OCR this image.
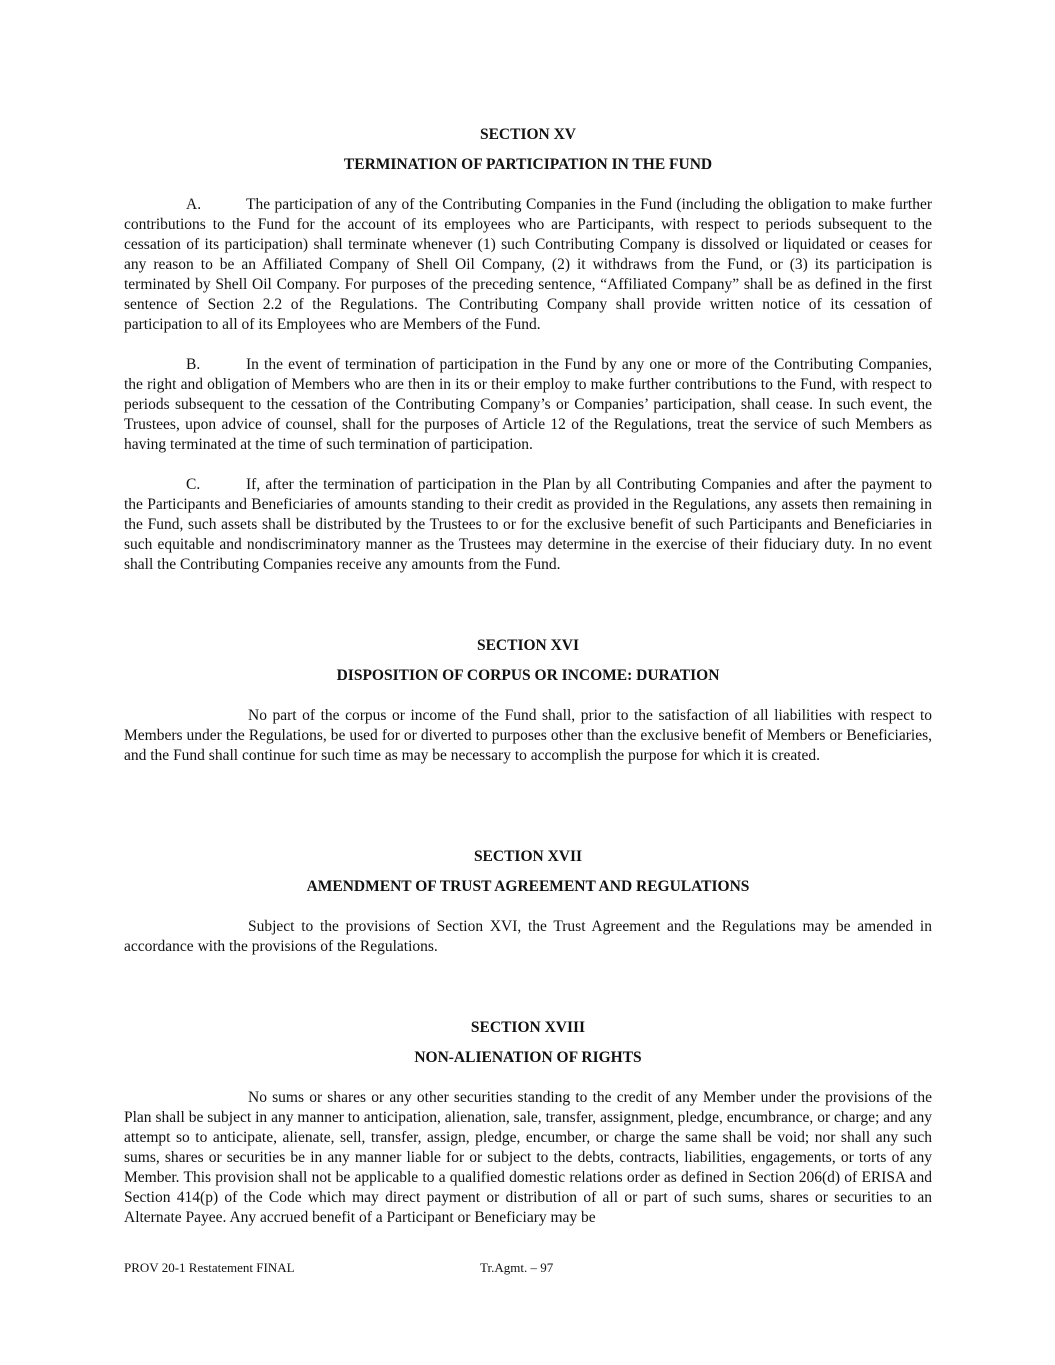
SECTION XV
TERMINATION OF PARTICIPATION IN THE FUND

A.	The participation of any of the Contributing Companies in the Fund (including the obligation to make further contributions to the Fund for the account of its employees who are Participants, with respect to periods subsequent to the cessation of its participation) shall terminate whenever (1) such Contributing Company is dissolved or liquidated or ceases for any reason to be an Affiliated Company of Shell Oil Company, (2) it withdraws from the Fund, or (3) its participation is terminated by Shell Oil Company. For purposes of the preceding sentence, “Affiliated Company” shall be as defined in the first sentence of Section 2.2 of the Regulations. The Contributing Company shall provide written notice of its cessation of participation to all of its Employees who are Members of the Fund.

B.	In the event of termination of participation in the Fund by any one or more of the Contributing Companies, the right and obligation of Members who are then in its or their employ to make further contributions to the Fund, with respect to periods subsequent to the cessation of the Contributing Company’s or Companies’ participation, shall cease. In such event, the Trustees, upon advice of counsel, shall for the purposes of Article 12 of the Regulations, treat the service of such Members as having terminated at the time of such termination of participation.

C.	If, after the termination of participation in the Plan by all Contributing Companies and after the payment to the Participants and Beneficiaries of amounts standing to their credit as provided in the Regulations, any assets then remaining in the Fund, such assets shall be distributed by the Trustees to or for the exclusive benefit of such Participants and Beneficiaries in such equitable and nondiscriminatory manner as the Trustees may determine in the exercise of their fiduciary duty. In no event shall the Contributing Companies receive any amounts from the Fund.

SECTION XVI
DISPOSITION OF CORPUS OR INCOME: DURATION

No part of the corpus or income of the Fund shall, prior to the satisfaction of all liabilities with respect to Members under the Regulations, be used for or diverted to purposes other than the exclusive benefit of Members or Beneficiaries, and the Fund shall continue for such time as may be necessary to accomplish the purpose for which it is created.

SECTION XVII
AMENDMENT OF TRUST AGREEMENT AND REGULATIONS

Subject to the provisions of Section XVI, the Trust Agreement and the Regulations may be amended in accordance with the provisions of the Regulations.

SECTION XVIII
NON-ALIENATION OF RIGHTS

No sums or shares or any other securities standing to the credit of any Member under the provisions of the Plan shall be subject in any manner to anticipation, alienation, sale, transfer, assignment, pledge, encumbrance, or charge; and any attempt so to anticipate, alienate, sell, transfer, assign, pledge, encumber, or charge the same shall be void; nor shall any such sums, shares or securities be in any manner liable for or subject to the debts, contracts, liabilities, engagements, or torts of any Member. This provision shall not be applicable to a qualified domestic relations order as defined in Section 206(d) of ERISA and Section 414(p) of the Code which may direct payment or distribution of all or part of such sums, shares or securities to an Alternate Payee. Any accrued benefit of a Participant or Beneficiary may be

PROV 20-1 Restatement FINAL	Tr.Agmt. – 97
